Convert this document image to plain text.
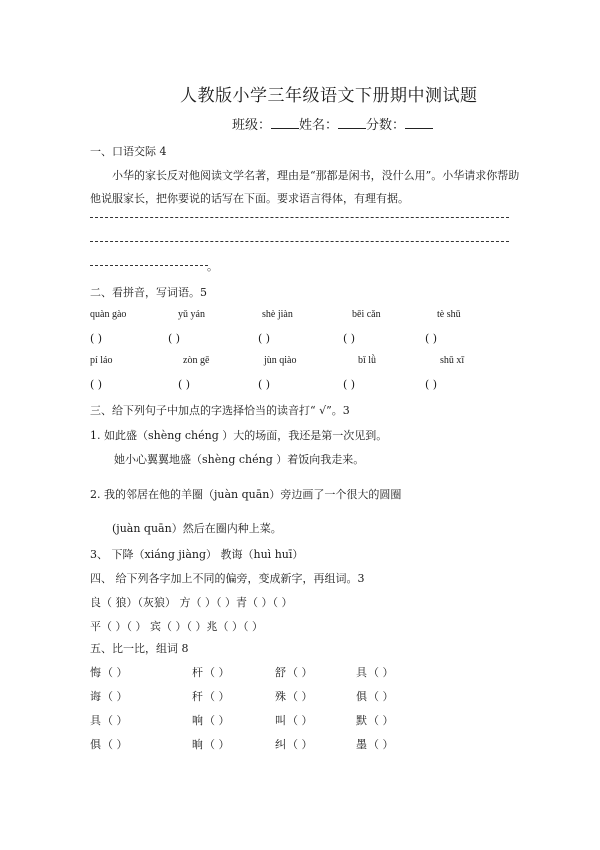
人教版小学三年级语文下册期中测试题
班级： 姓名： 分数：
一、口语交际 4
小华的家长反对他阅读文学名著，理由是“那都是闲书，没什么用”。小华请求你帮助
他说服家长，把你要说的话写在下面。要求语言得体，有理有据。
。
二、看拼音，写词语。5
quàn gào	yǔ yán	shè jiàn	bēi cǎn	tè shū
( )	( )	( )	( )	( )
pí láo	zòn gē	jùn qiào	bǐ lǜ	shū xī
( )	( )	( )	( )	( )
三、给下列句子中加点的字选择恰当的读音打“ √”。3
1. 如此盛（shèng chéng ）大的场面，我还是第一次见到。
她小心翼翼地盛（shèng chéng ）着饭向我走来。
2. 我的邻居在他的羊圈（juàn quān）旁边画了一个很大的圆圈
(juàn quān）然后在圈内种上菜。
3、 下降（xiáng jiàng） 教诲（huì huī）
四、 给下列各字加上不同的偏旁，变成新字，再组词。3
良（ 狼）（灰狼） 方（ ）（ ）青（ ）（ ）
平（ ）（ ） 宾（ ）（ ）兆（ ）（ ）
五、比一比，组词 8
悔 （ ）	杆 （ ）	舒 （ ）	具 （ ）
诲 （ ）	秆 （ ）	殊 （ ）	俱 （ ）
具 （ ）	响 （ ）	叫 （ ）	默 （ ）
俱 （ ）	晌 （ ）	纠 （ ）	墨 （ ）
